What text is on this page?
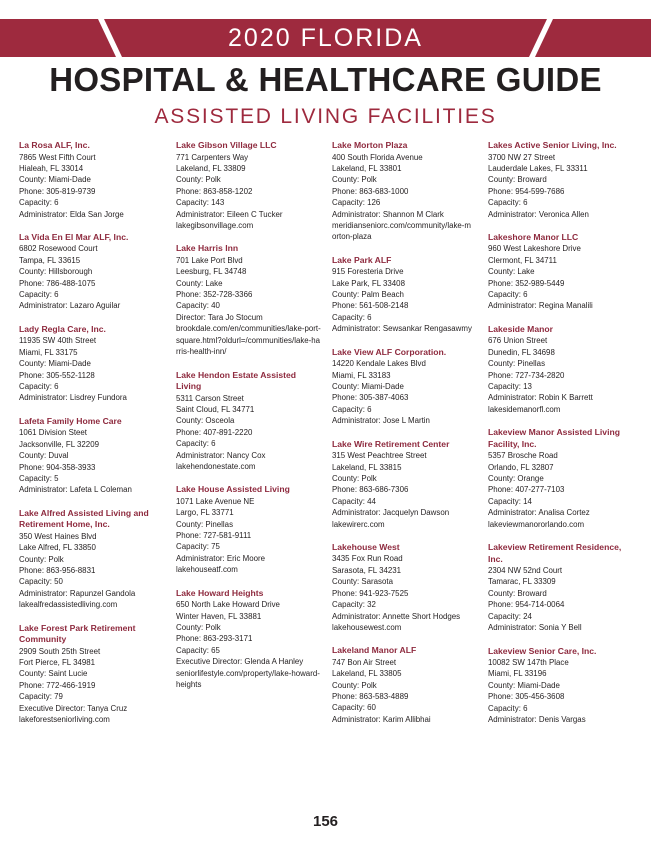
2020 FLORIDA
HOSPITAL & HEALTHCARE GUIDE
ASSISTED LIVING FACILITIES
La Rosa ALF, Inc.
7865 West Fifth Court
Hialeah, FL 33014
County: Miami-Dade
Phone: 305-819-9739
Capacity: 6
Administrator: Elda San Jorge
La Vida En El Mar ALF, Inc.
6802 Rosewood Court
Tampa, FL 33615
County: Hillsborough
Phone: 786-488-1075
Capacity: 6
Administrator: Lazaro Aguilar
Lady Regla Care, Inc.
11935 SW 40th Street
Miami, FL 33175
County: Miami-Dade
Phone: 305-552-1128
Capacity: 6
Administrator: Lisdrey Fundora
Lafeta Family Home Care
1061 Division Steet
Jacksonville, FL 32209
County: Duval
Phone: 904-358-3933
Capacity: 5
Administrator: Lafeta L Coleman
Lake Alfred Assisted Living and Retirement Home, Inc.
350 West Haines Blvd
Lake Alfred, FL 33850
County: Polk
Phone: 863-956-8831
Capacity: 50
Administrator: Rapunzel Gandola
lakealfredassistedliving.com
Lake Forest Park Retirement Community
2909 South 25th Street
Fort Pierce, FL 34981
County: Saint Lucie
Phone: 772-466-1919
Capacity: 79
Executive Director: Tanya Cruz
lakeforestseniorliving.com
Lake Gibson Village LLC
771 Carpenters Way
Lakeland, FL 33809
County: Polk
Phone: 863-858-1202
Capacity: 143
Administrator: Eileen C Tucker
lakegibsonvillage.com
Lake Harris Inn
701 Lake Port Blvd
Leesburg, FL 34748
County: Lake
Phone: 352-728-3366
Capacity: 40
Director: Tara Jo Stocum
brookdale.com/en/communities/lake-port-square.html?oldurl=/communities/lake-harris-health-inn/
Lake Hendon Estate Assisted Living
5311 Carson Street
Saint Cloud, FL 34771
County: Osceola
Phone: 407-891-2220
Capacity: 6
Administrator: Nancy Cox
lakehendonestate.com
Lake House Assisted Living
1071 Lake Avenue NE
Largo, FL 33771
County: Pinellas
Phone: 727-581-9111
Capacity: 75
Administrator: Eric Moore
lakehouseatf.com
Lake Howard Heights
650 North Lake Howard Drive
Winter Haven, FL 33881
County: Polk
Phone: 863-293-3171
Capacity: 65
Executive Director: Glenda A Hanley
seniorlifestyle.com/property/lake-howard-heights
Lake Morton Plaza
400 South Florida Avenue
Lakeland, FL 33801
County: Polk
Phone: 863-683-1000
Capacity: 126
Administrator: Shannon M Clark
meridianseniorc.com/community/lake-morton-plaza
Lake Park ALF
915 Foresteria Drive
Lake Park, FL 33408
County: Palm Beach
Phone: 561-508-2148
Capacity: 6
Administrator: Sewsankar Rengasawmy
Lake View ALF Corporation.
14220 Kendale Lakes Blvd
Miami, FL 33183
County: Miami-Dade
Phone: 305-387-4063
Capacity: 6
Administrator: Jose L Martin
Lake Wire Retirement Center
315 West Peachtree Street
Lakeland, FL 33815
County: Polk
Phone: 863-686-7306
Capacity: 44
Administrator: Jacquelyn Dawson
lakewirerc.com
Lakehouse West
3435 Fox Run Road
Sarasota, FL 34231
County: Sarasota
Phone: 941-923-7525
Capacity: 32
Administrator: Annette Short Hodges
lakehousewest.com
Lakeland Manor ALF
747 Bon Air Street
Lakeland, FL 33805
County: Polk
Phone: 863-583-4889
Capacity: 60
Administrator: Karim Allibhai
Lakes Active Senior Living, Inc.
3700 NW 27 Street
Lauderdale Lakes, FL 33311
County: Broward
Phone: 954-599-7686
Capacity: 6
Administrator: Veronica Allen
Lakeshore Manor LLC
960 West Lakeshore Drive
Clermont, FL 34711
County: Lake
Phone: 352-989-5449
Capacity: 6
Administrator: Regina Manalili
Lakeside Manor
676 Union Street
Dunedin, FL 34698
County: Pinellas
Phone: 727-734-2820
Capacity: 13
Administrator: Robin K Barrett
lakesidemanorfl.com
Lakeview Manor Assisted Living Facility, Inc.
5357 Brosche Road
Orlando, FL 32807
County: Orange
Phone: 407-277-7103
Capacity: 14
Administrator: Analisa Cortez
lakeviewmanororlando.com
Lakeview Retirement Residence, Inc.
2304 NW 52nd Court
Tamarac, FL 33309
County: Broward
Phone: 954-714-0064
Capacity: 24
Administrator: Sonia Y Bell
Lakeview Senior Care, Inc.
10082 SW 147th Place
Miami, FL 33196
County: Miami-Dade
Phone: 305-456-3608
Capacity: 6
Administrator: Denis Vargas
156
